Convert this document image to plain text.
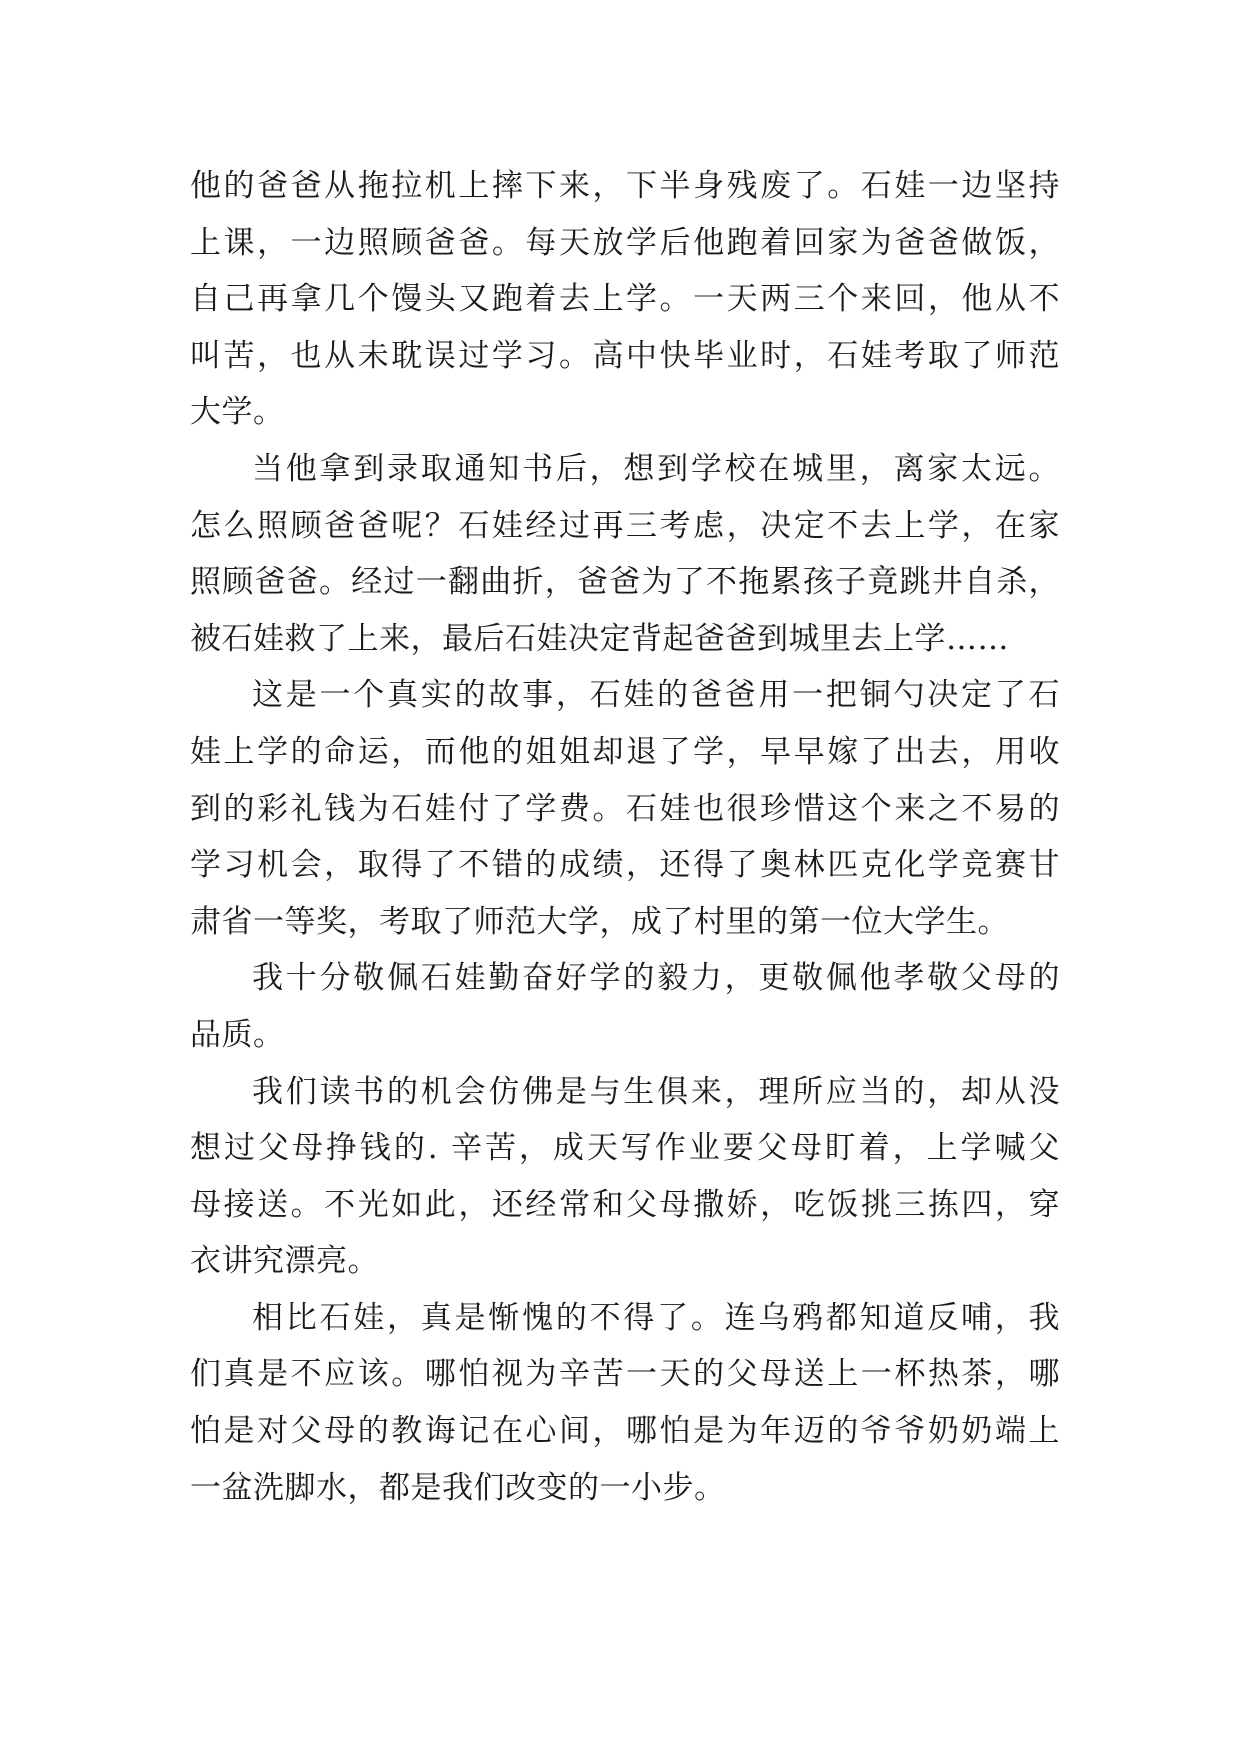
他的爸爸从拖拉机上摔下来，下半身残废了。石娃一边坚持
上课，一边照顾爸爸。每天放学后他跑着回家为爸爸做饭，
自己再拿几个馒头又跑着去上学。一天两三个来回，他从不
叫苦，也从未耽误过学习。高中快毕业时，石娃考取了师范
大学。
当他拿到录取通知书后，想到学校在城里，离家太远。
怎么照顾爸爸呢？石娃经过再三考虑，决定不去上学，在家
照顾爸爸。经过一翻曲折，爸爸为了不拖累孩子竟跳井自杀，
被石娃救了上来，最后石娃决定背起爸爸到城里去上学……
这是一个真实的故事，石娃的爸爸用一把铜勺决定了石
娃上学的命运，而他的姐姐却退了学，早早嫁了出去，用收
到的彩礼钱为石娃付了学费。石娃也很珍惜这个来之不易的
学习机会，取得了不错的成绩，还得了奥林匹克化学竞赛甘
肃省一等奖，考取了师范大学，成了村里的第一位大学生。
我十分敬佩石娃勤奋好学的毅力，更敬佩他孝敬父母的
品质。
我们读书的机会仿佛是与生俱来，理所应当的，却从没
想过父母挣钱的. 辛苦，成天写作业要父母盯着，上学喊父
母接送。不光如此，还经常和父母撒娇，吃饭挑三拣四，穿
衣讲究漂亮。
相比石娃，真是惭愧的不得了。连乌鸦都知道反哺，我
们真是不应该。哪怕视为辛苦一天的父母送上一杯热茶，哪
怕是对父母的教诲记在心间，哪怕是为年迈的爷爷奶奶端上
一盆洗脚水，都是我们改变的一小步。
